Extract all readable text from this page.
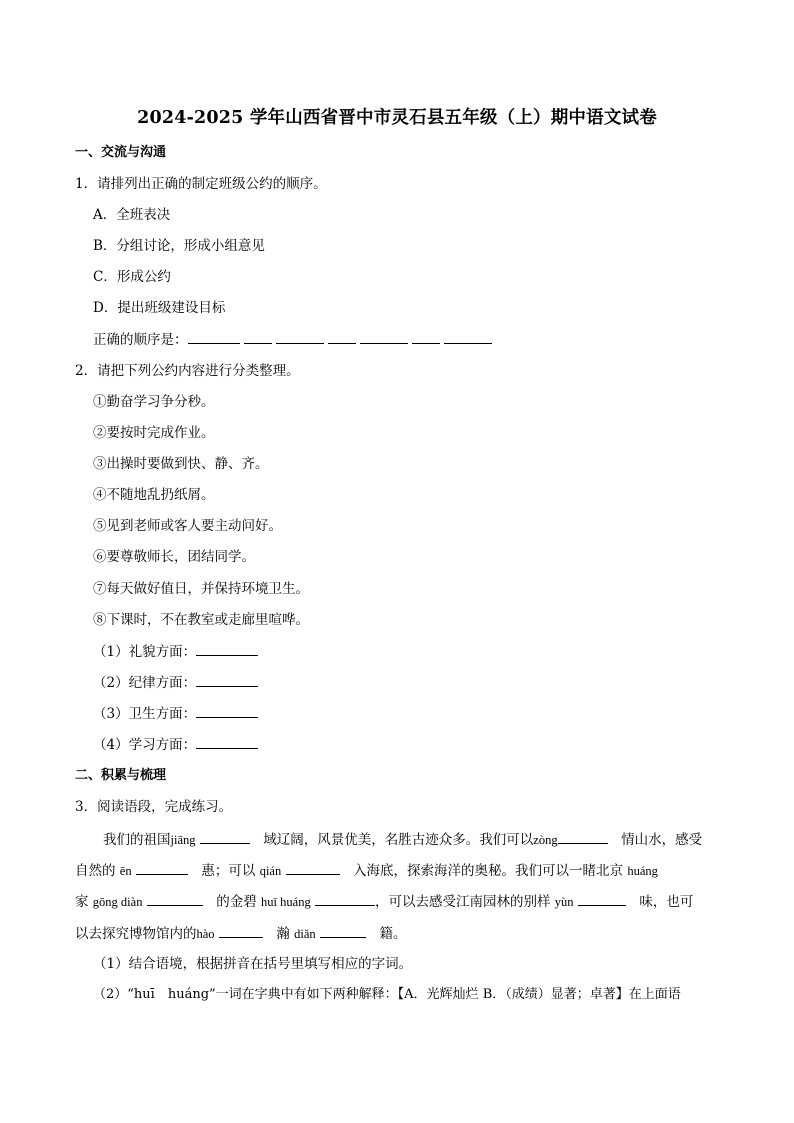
2024-2025 学年山西省晋中市灵石县五年级（上）期中语文试卷
一、交流与沟通
1．请排列出正确的制定班级公约的顺序。
A．全班表决
B．分组讨论，形成小组意见
C．形成公约
D．提出班级建设目标
正确的顺序是：
2．请把下列公约内容进行分类整理。
①勤奋学习争分秒。
②要按时完成作业。
③出操时要做到快、静、齐。
④不随地乱扔纸屑。
⑤见到老师或客人要主动问好。
⑥要尊敬师长，团结同学。
⑦每天做好值日，并保持环境卫生。
⑧下课时，不在教室或走廊里喧哗。
（1）礼貌方面：
（2）纪律方面：
（3）卫生方面：
（4）学习方面：
二、积累与梳理
3．阅读语段，完成练习。
我们的祖国jiāng 　	域辽阔，风景优美，名胜古迹众多。我们可以zòng　	情山水，感受
自然的 ēn 　	惠；可以 qián 　	入海底，探索海洋的奥秘。我们可以一睹北京 huáng
家 gōng diàn 　	的金碧 huī huáng	，可以去感受江南园林的别样 yùn 　	味，也可
以去探究博物馆内的hào 　	瀚 diǎn 　	籍。
（1）结合语境，根据拼音在括号里填写相应的字词。
（2）“huī　huáng”一词在字典中有如下两种解释：【A．光辉灿烂 B．（成绩）显著；卓著】在上面语
